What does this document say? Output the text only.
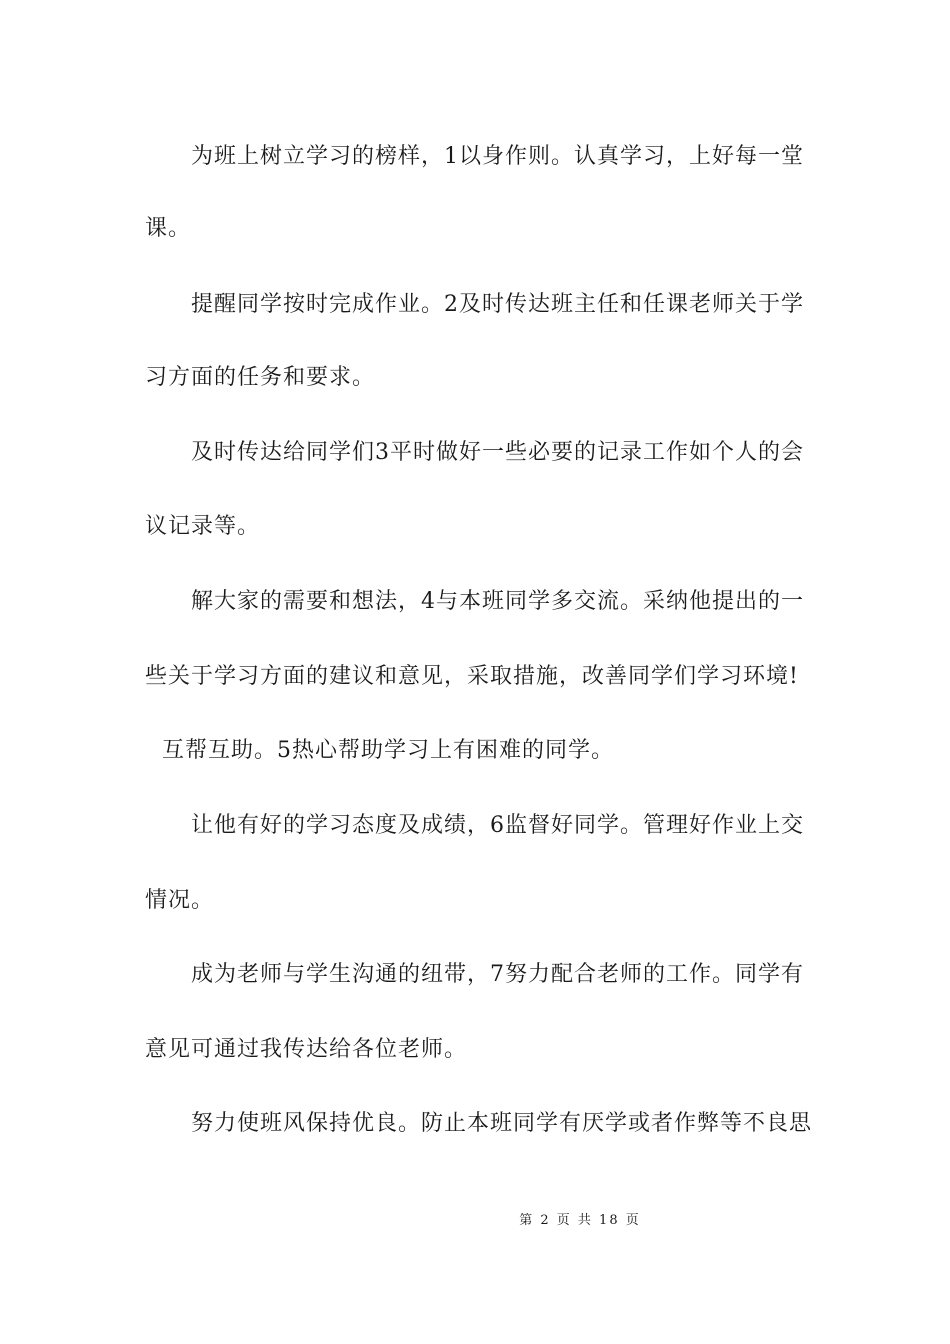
为班上树立学习的榜样，1以身作则。认真学习，上好每一堂

课。

提醒同学按时完成作业。2及时传达班主任和任课老师关于学

习方面的任务和要求。

及时传达给同学们3平时做好一些必要的记录工作如个人的会

议记录等。

解大家的需要和想法，4与本班同学多交流。采纳他提出的一

些关于学习方面的建议和意见，采取措施，改善同学们学习环境!

互帮互助。5热心帮助学习上有困难的同学。

让他有好的学习态度及成绩，6监督好同学。管理好作业上交

情况。

成为老师与学生沟通的纽带，7努力配合老师的工作。同学有

意见可通过我传达给各位老师。

努力使班风保持优良。防止本班同学有厌学或者作弊等不良思

第 2 页 共 18 页
